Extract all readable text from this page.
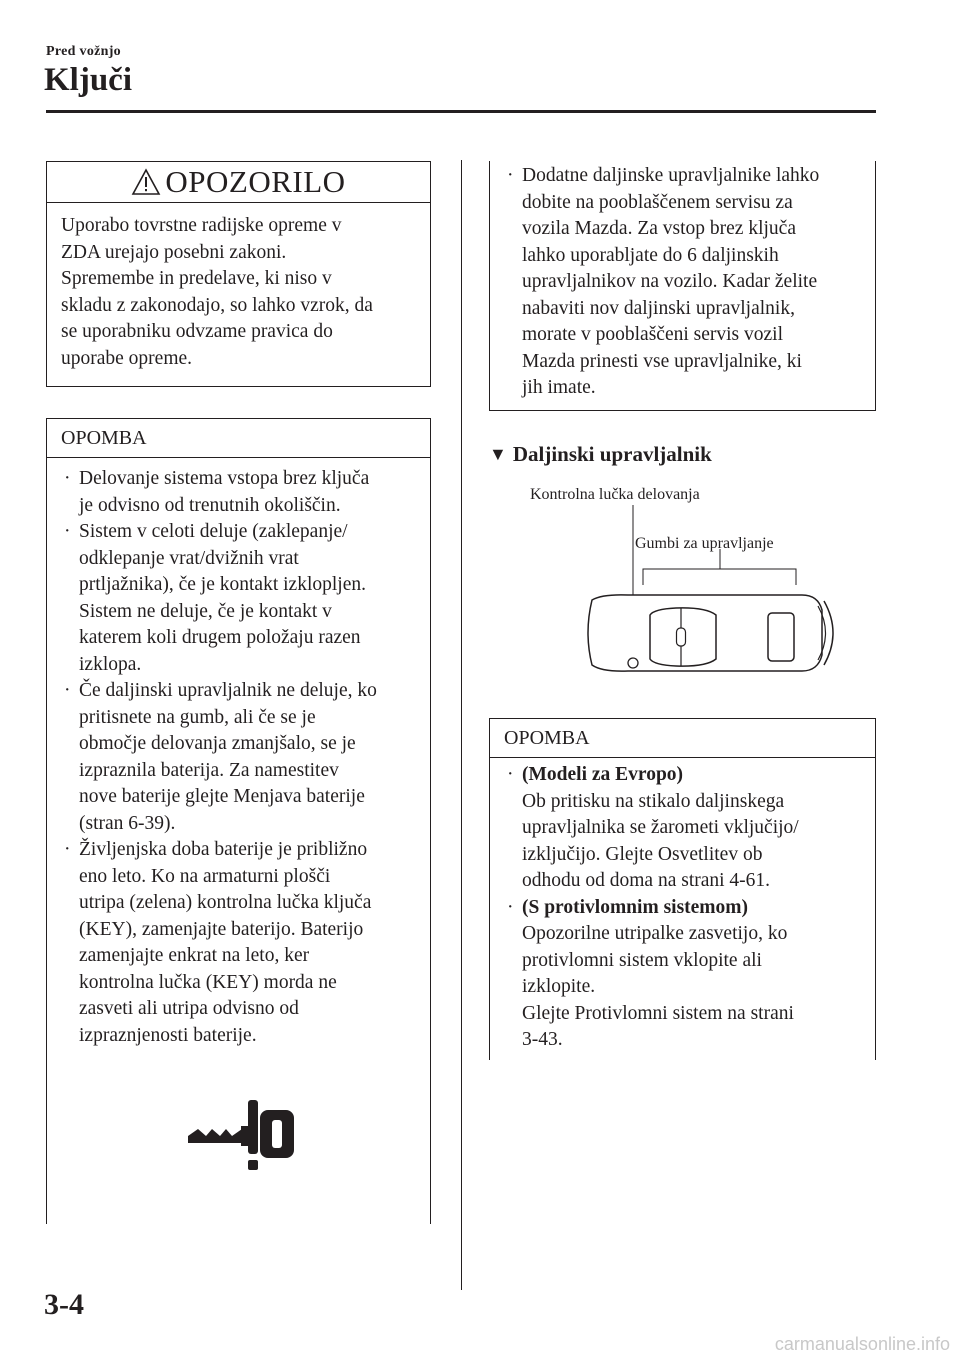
Pred vožnjo
Ključi
OPOZORILO
Uporabo tovrstne radijske opreme v
ZDA urejajo posebni zakoni.
Spremembe in predelave, ki niso v
skladu z zakonodajo, so lahko vzrok, da
se uporabniku odvzame pravica do
uporabe opreme.
OPOMBA
· Delovanje sistema vstopa brez ključa
je odvisno od trenutnih okoliščin.
· Sistem v celoti deluje (zaklepanje/
odklepanje vrat/dvižnih vrat
prtljažnika), če je kontakt izklopljen.
Sistem ne deluje, če je kontakt v
katerem koli drugem položaju razen
izklopa.
· Če daljinski upravljalnik ne deluje, ko
pritisnete na gumb, ali če se je
območje delovanja zmanjšalo, se je
izpraznila baterija. Za namestitev
nove baterije glejte Menjava baterije
(stran 6-39).
· Življenjska doba baterije je približno
eno leto. Ko na armaturni plošči
utripa (zelena) kontrolna lučka ključa
(KEY), zamenjajte baterijo. Baterijo
zamenjajte enkrat na leto, ker
kontrolna lučka (KEY) morda ne
zasveti ali utripa odvisno od
izpraznjenosti baterije.
· Dodatne daljinske upravljalnike lahko
dobite na pooblaščenem servisu za
vozila Mazda. Za vstop brez ključa
lahko uporabljate do 6 daljinskih
upravljalnikov na vozilo. Kadar želite
nabaviti nov daljinski upravljalnik,
morate v pooblaščeni servis vozil
Mazda prinesti vse upravljalnike, ki
jih imate.
▼ Daljinski upravljalnik
Kontrolna lučka delovanja
Gumbi za upravljanje
OPOMBA
· (Modeli za Evropo)
Ob pritisku na stikalo daljinskega
upravljalnika se žarometi vključijo/
izključijo. Glejte Osvetlitev ob
odhodu od doma na strani 4-61.
· (S protivlomnim sistemom)
Opozorilne utripalke zasvetijo, ko
protivlomni sistem vklopite ali
izklopite.
Glejte Protivlomni sistem na strani
3-43.
3-4
carmanualsonline.info
